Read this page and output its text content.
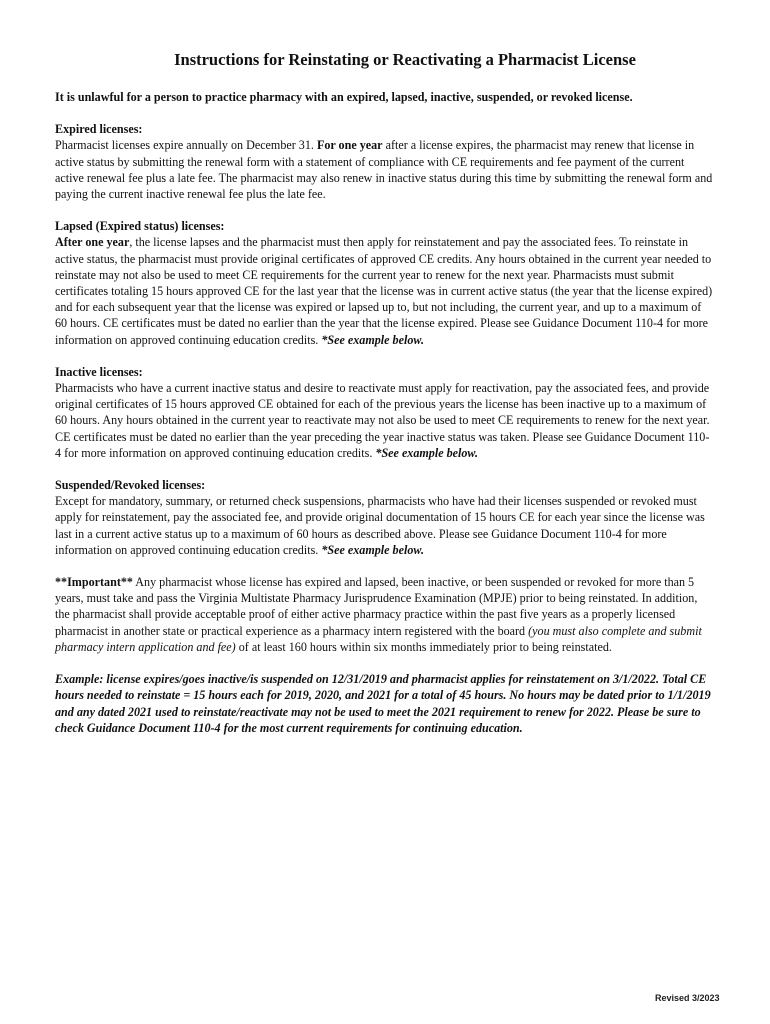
Instructions for Reinstating or Reactivating a Pharmacist License

It is unlawful for a person to practice pharmacy with an expired, lapsed, inactive, suspended, or revoked license.

Expired licenses:

Pharmacist licenses expire annually on December 31. For one year after a license expires, the pharmacist may renew that license in active status by submitting the renewal form with a statement of compliance with CE requirements and fee payment of the current active renewal fee plus a late fee. The pharmacist may also renew in inactive status during this time by submitting the renewal form and paying the current inactive renewal fee plus the late fee.

Lapsed (Expired status) licenses:

After one year, the license lapses and the pharmacist must then apply for reinstatement and pay the associated fees. To reinstate in active status, the pharmacist must provide original certificates of approved CE credits. Any hours obtained in the current year needed to reinstate may not also be used to meet CE requirements for the current year to renew for the next year. Pharmacists must submit certificates totaling 15 hours approved CE for the last year that the license was in current active status (the year that the license expired) and for each subsequent year that the license was expired or lapsed up to, but not including, the current year, and up to a maximum of 60 hours. CE certificates must be dated no earlier than the year that the license expired. Please see Guidance Document 110-4 for more information on approved continuing education credits. *See example below.

Inactive licenses:

Pharmacists who have a current inactive status and desire to reactivate must apply for reactivation, pay the associated fees, and provide original certificates of 15 hours approved CE obtained for each of the previous years the license has been inactive up to a maximum of 60 hours. Any hours obtained in the current year to reactivate may not also be used to meet CE requirements to renew for the next year. CE certificates must be dated no earlier than the year preceding the year inactive status was taken. Please see Guidance Document 110-4 for more information on approved continuing education credits. *See example below.

Suspended/Revoked licenses:

Except for mandatory, summary, or returned check suspensions, pharmacists who have had their licenses suspended or revoked must apply for reinstatement, pay the associated fee, and provide original documentation of 15 hours CE for each year since the license was last in a current active status up to a maximum of 60 hours as described above. Please see Guidance Document 110-4 for more information on approved continuing education credits. *See example below.

**Important** Any pharmacist whose license has expired and lapsed, been inactive, or been suspended or revoked for more than 5 years, must take and pass the Virginia Multistate Pharmacy Jurisprudence Examination (MPJE) prior to being reinstated. In addition, the pharmacist shall provide acceptable proof of either active pharmacy practice within the past five years as a properly licensed pharmacist in another state or practical experience as a pharmacy intern registered with the board (you must also complete and submit pharmacy intern application and fee) of at least 160 hours within six months immediately prior to being reinstated.

Example: license expires/goes inactive/is suspended on 12/31/2019 and pharmacist applies for reinstatement on 3/1/2022. Total CE hours needed to reinstate = 15 hours each for 2019, 2020, and 2021 for a total of 45 hours. No hours may be dated prior to 1/1/2019 and any dated 2021 used to reinstate/reactivate may not be used to meet the 2021 requirement to renew for 2022. Please be sure to check Guidance Document 110-4 for the most current requirements for continuing education.

Revised 3/2023
